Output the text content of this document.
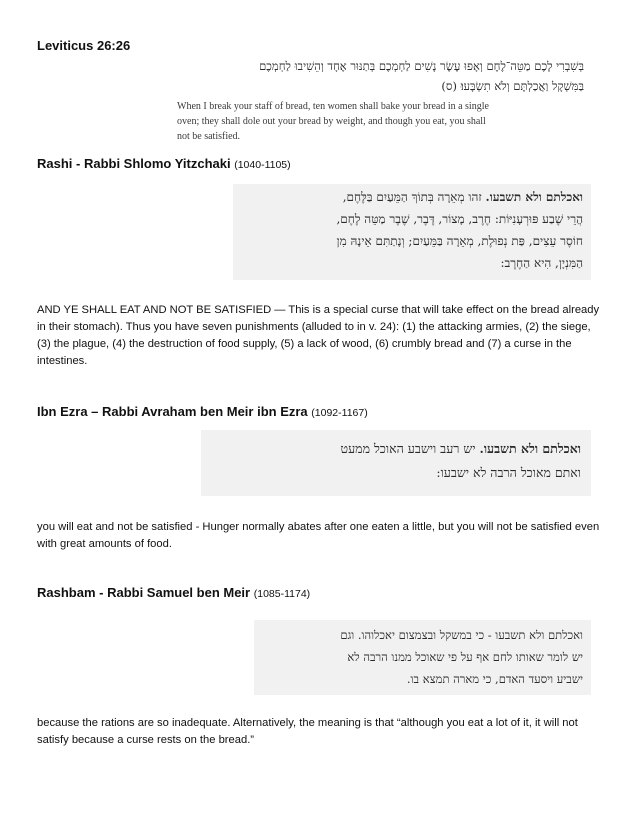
Leviticus 26:26
בְּשִׁבְרִי לָכֶם מַטֵּה־לֶחֶם וְאָפוּ עֶשֶׂר נָשִׁים לַחְמְכֶם בְּתַנּוּר אֶחָד וְהֵשִׁיבוּ לַחְמְכֶם
בַּמִּשְׁקָל וַאֲכַלְתֶּם וְלֹא תִשְׂבָּעוּ׃ (ס)
When I break your staff of bread, ten women shall bake your bread in a single
oven; they shall dole out your bread by weight, and though you eat, you shall
not be satisfied.
Rashi - Rabbi Shlomo Yitzchaki (1040-1105)
ואכלתם ולא תשבעו. זהו מְאֵרָה בְּתוֹךְ הַמֵּעַיִם בַּלֶּחֶם,
הֲרֵי שֶׁבַע פּוּרְעָנִיּוֹת: חֶרֶב, מָצוֹר, דֶּבֶר, שֶׁבֶר מַטֵּה לֶחֶם,
חוֹסֶר עֵצִים, פַּת נְפוּלֶת, מְאֵרָה בַּמֵּעַיִם; וְנָתַתִּם אֵינָהּ מִן
הַמִּנְיָן, הִיא הַחֶרֶב:
AND YE SHALL EAT AND NOT BE SATISFIED — This is a special curse that will take effect on the bread already in their stomach). Thus you have seven punishments (alluded to in v. 24): (1) the attacking armies, (2) the siege, (3) the plague, (4) the destruction of food supply, (5) a lack of wood, (6) crumbly bread and (7) a curse in the intestines.
Ibn Ezra – Rabbi Avraham ben Meir ibn Ezra (1092-1167)
ואכלתם ולא תשבעו. יש רעב וישבע האוכל ממעט
ואתם מאוכל הרבה לא ישבעו:
you will eat and not be satisfied - Hunger normally abates after one eaten a little, but you will not be satisfied even with great amounts of food.
Rashbam - Rabbi Samuel ben Meir (1085-1174)
ואכלתם ולא תשבעו - כי במשקל ובצמצום יאכלוהו. וגם
יש לומר שאותו לחם אף על פי שאוכל ממנו הרבה לא
ישביע ויסעד האדם, כי מארה תמצא בו.
because the rations are so inadequate. Alternatively, the meaning is that “although you eat a lot of it, it will not satisfy because a curse rests on the bread.”
